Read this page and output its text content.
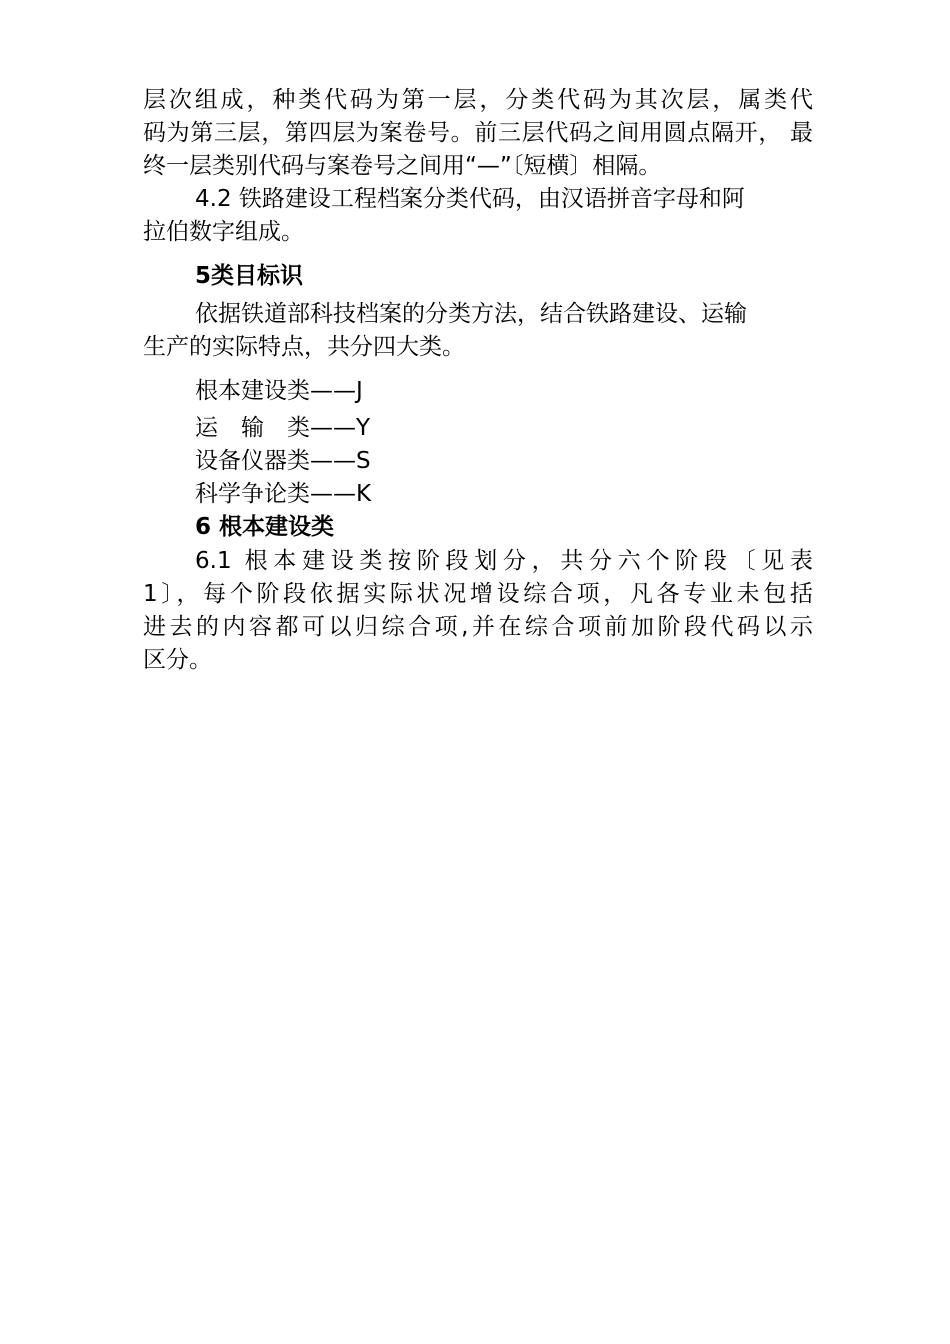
层次组成，种类代码为第一层，分类代码为其次层，属类代
码为第三层，第四层为案卷号。前三层代码之间用圆点隔开， 最
终一层类别代码与案卷号之间用“—”〔短横〕相隔。
4.2 铁路建设工程档案分类代码，由汉语拼音字母和阿
拉伯数字组成。
5类目标识
依据铁道部科技档案的分类方法，结合铁路建设、运输
生产的实际特点，共分四大类。
根本建设类——J
运　输　类——Y
设备仪器类——S
科学争论类——K
6 根本建设类
6.1 根本建设类按阶段划分，共分六个阶段〔见表
1〕，每个阶段依据实际状况增设综合项，凡各专业未包括
进去的内容都可以归综合项,并在综合项前加阶段代码以示
区分。
